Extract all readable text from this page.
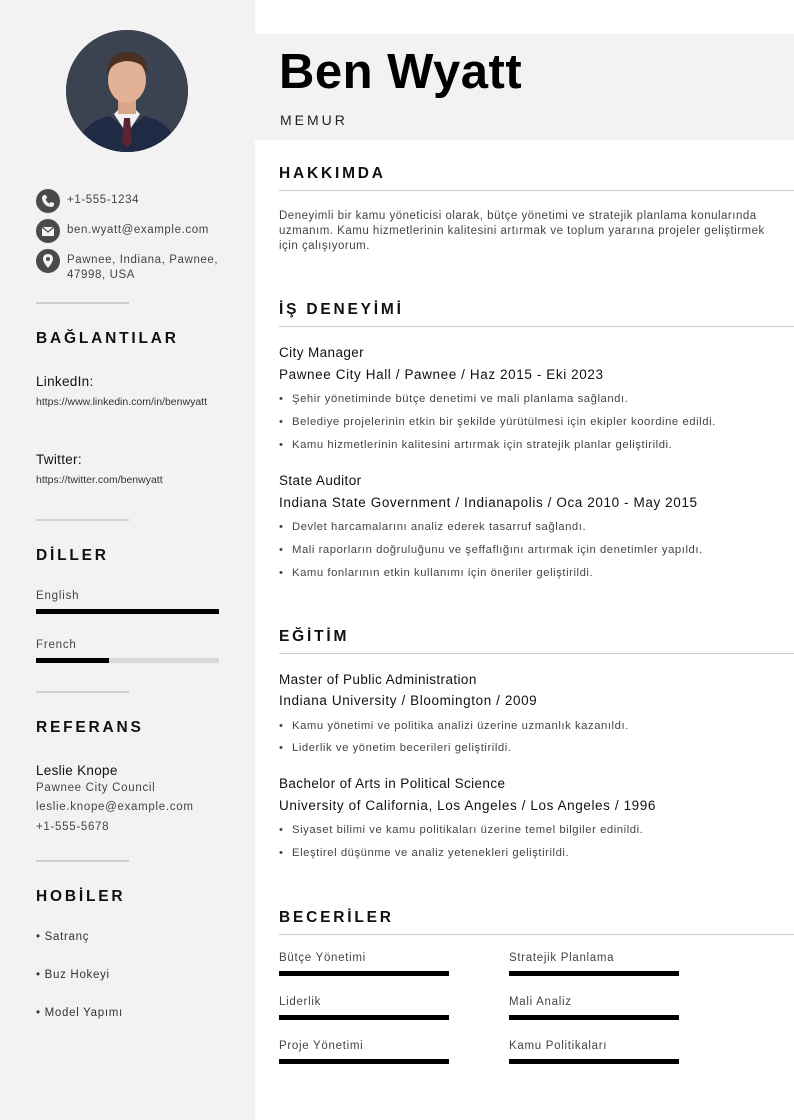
+1-555-1234
ben.wyatt@example.com
Pawnee, Indiana, Pawnee, 47998, USA
BAĞLANTILAR
LinkedIn:
https://www.linkedin.com/in/benwyatt
Twitter:
https://twitter.com/benwyatt
DİLLER
English
French
REFERANS
Leslie Knope
Pawnee City Council
leslie.knope@example.com
+1-555-5678
HOBİLER
• Satranç
• Buz Hokeyi
• Model Yapımı
Ben Wyatt
MEMUR
HAKKIMDA
Deneyimli bir kamu yöneticisi olarak, bütçe yönetimi ve stratejik planlama konularında uzmanım. Kamu hizmetlerinin kalitesini artırmak ve toplum yararına projeler geliştirmek için çalışıyorum.
İŞ DENEYİMİ
City Manager
Pawnee City Hall / Pawnee / Haz 2015 - Eki 2023
• Şehir yönetiminde bütçe denetimi ve mali planlama sağlandı.
• Belediye projelerinin etkin bir şekilde yürütülmesi için ekipler koordine edildi.
• Kamu hizmetlerinin kalitesini artırmak için stratejik planlar geliştirildi.
State Auditor
Indiana State Government / Indianapolis / Oca 2010 - May 2015
• Devlet harcamalarını analiz ederek tasarruf sağlandı.
• Mali raporların doğruluğunu ve şeffaflığını artırmak için denetimler yapıldı.
• Kamu fonlarının etkin kullanımı için öneriler geliştirildi.
EĞİTİM
Master of Public Administration
Indiana University / Bloomington / 2009
• Kamu yönetimi ve politika analizi üzerine uzmanlık kazanıldı.
• Liderlik ve yönetim becerileri geliştirildi.
Bachelor of Arts in Political Science
University of California, Los Angeles / Los Angeles / 1996
• Siyaset bilimi ve kamu politikaları üzerine temel bilgiler edinildi.
• Eleştirel düşünme ve analiz yetenekleri geliştirildi.
BECERİLER
Bütçe Yönetimi	Stratejik Planlama
Liderlik	Mali Analiz
Proje Yönetimi	Kamu Politikaları
